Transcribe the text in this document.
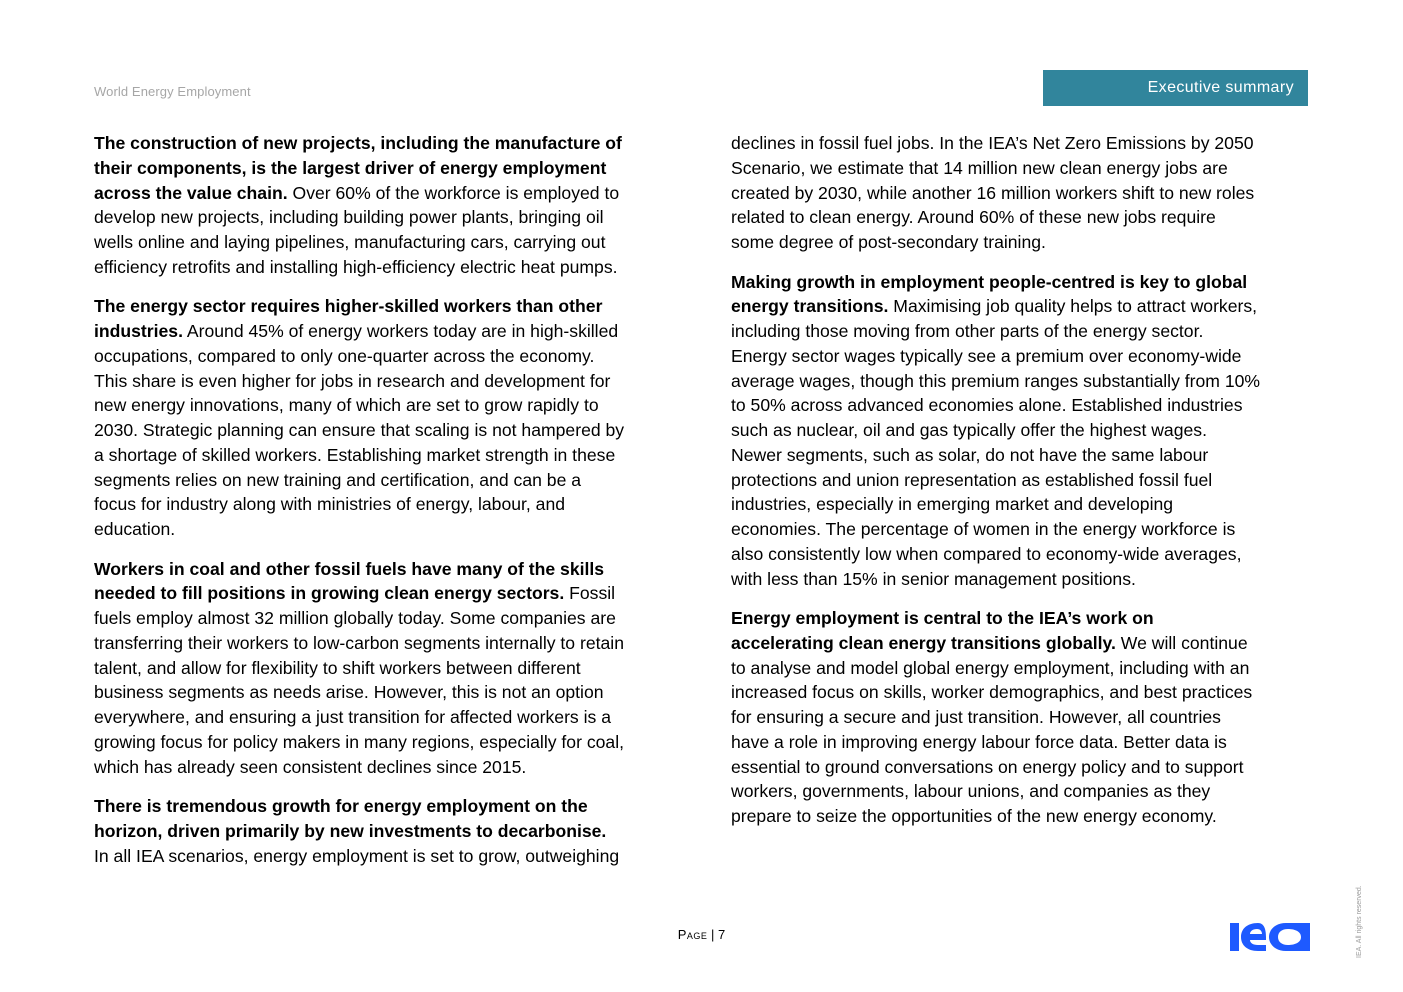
World Energy Employment	Executive summary

The construction of new projects, including the manufacture of
their components, is the largest driver of energy employment
across the value chain. Over 60% of the workforce is employed to
develop new projects, including building power plants, bringing oil
wells online and laying pipelines, manufacturing cars, carrying out
efficiency retrofits and installing high-efficiency electric heat pumps.

The energy sector requires higher-skilled workers than other
industries. Around 45% of energy workers today are in high-skilled
occupations, compared to only one-quarter across the economy.
This share is even higher for jobs in research and development for
new energy innovations, many of which are set to grow rapidly to
2030. Strategic planning can ensure that scaling is not hampered by
a shortage of skilled workers. Establishing market strength in these
segments relies on new training and certification, and can be a
focus for industry along with ministries of energy, labour, and
education.

Workers in coal and other fossil fuels have many of the skills
needed to fill positions in growing clean energy sectors. Fossil
fuels employ almost 32 million globally today. Some companies are
transferring their workers to low-carbon segments internally to retain
talent, and allow for flexibility to shift workers between different
business segments as needs arise. However, this is not an option
everywhere, and ensuring a just transition for affected workers is a
growing focus for policy makers in many regions, especially for coal,
which has already seen consistent declines since 2015.

There is tremendous growth for energy employment on the
horizon, driven primarily by new investments to decarbonise.
In all IEA scenarios, energy employment is set to grow, outweighing

declines in fossil fuel jobs. In the IEA’s Net Zero Emissions by 2050
Scenario, we estimate that 14 million new clean energy jobs are
created by 2030, while another 16 million workers shift to new roles
related to clean energy. Around 60% of these new jobs require
some degree of post-secondary training.

Making growth in employment people-centred is key to global
energy transitions. Maximising job quality helps to attract workers,
including those moving from other parts of the energy sector.
Energy sector wages typically see a premium over economy-wide
average wages, though this premium ranges substantially from 10%
to 50% across advanced economies alone. Established industries
such as nuclear, oil and gas typically offer the highest wages.
Newer segments, such as solar, do not have the same labour
protections and union representation as established fossil fuel
industries, especially in emerging market and developing
economies. The percentage of women in the energy workforce is
also consistently low when compared to economy-wide averages,
with less than 15% in senior management positions.

Energy employment is central to the IEA’s work on
accelerating clean energy transitions globally. We will continue
to analyse and model global energy employment, including with an
increased focus on skills, worker demographics, and best practices
for ensuring a secure and just transition. However, all countries
have a role in improving energy labour force data. Better data is
essential to ground conversations on energy policy and to support
workers, governments, labour unions, and companies as they
prepare to seize the opportunities of the new energy economy.

Page | 7	IEA. All rights reserved.
